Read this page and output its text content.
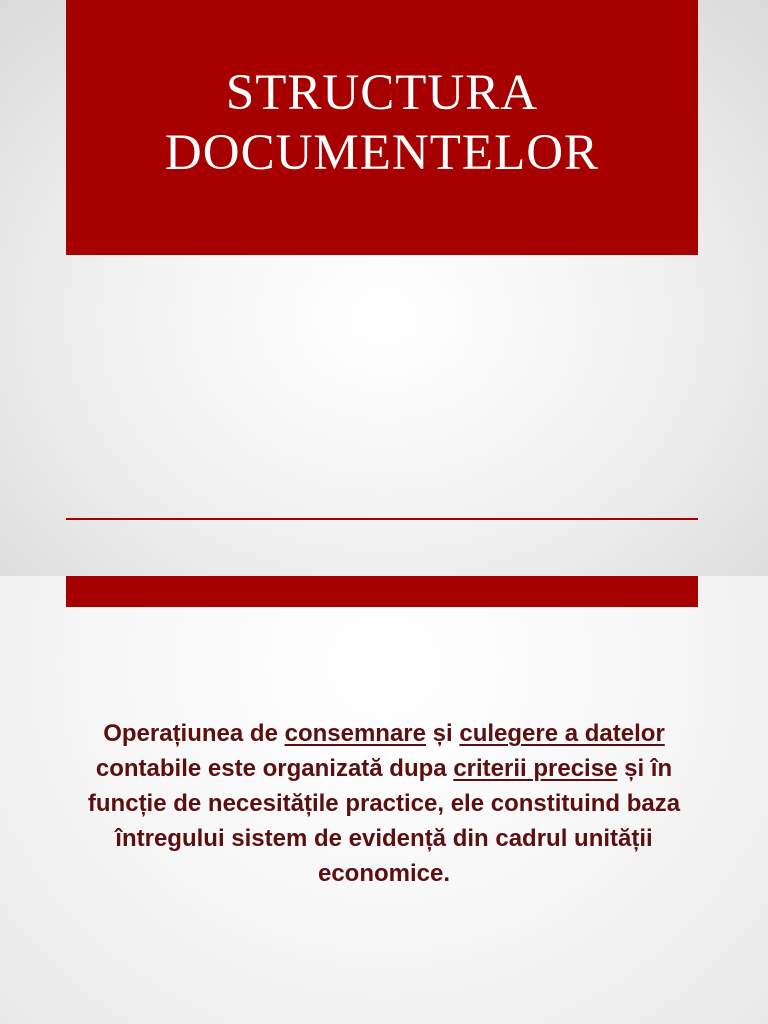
STRUCTURA
DOCUMENTELOR
Operațiunea de consemnare și culegere a datelor contabile este organizată dupa criterii precise și în funcție de necesitățile practice, ele constituind baza întregului sistem de evidență din cadrul unității economice.
